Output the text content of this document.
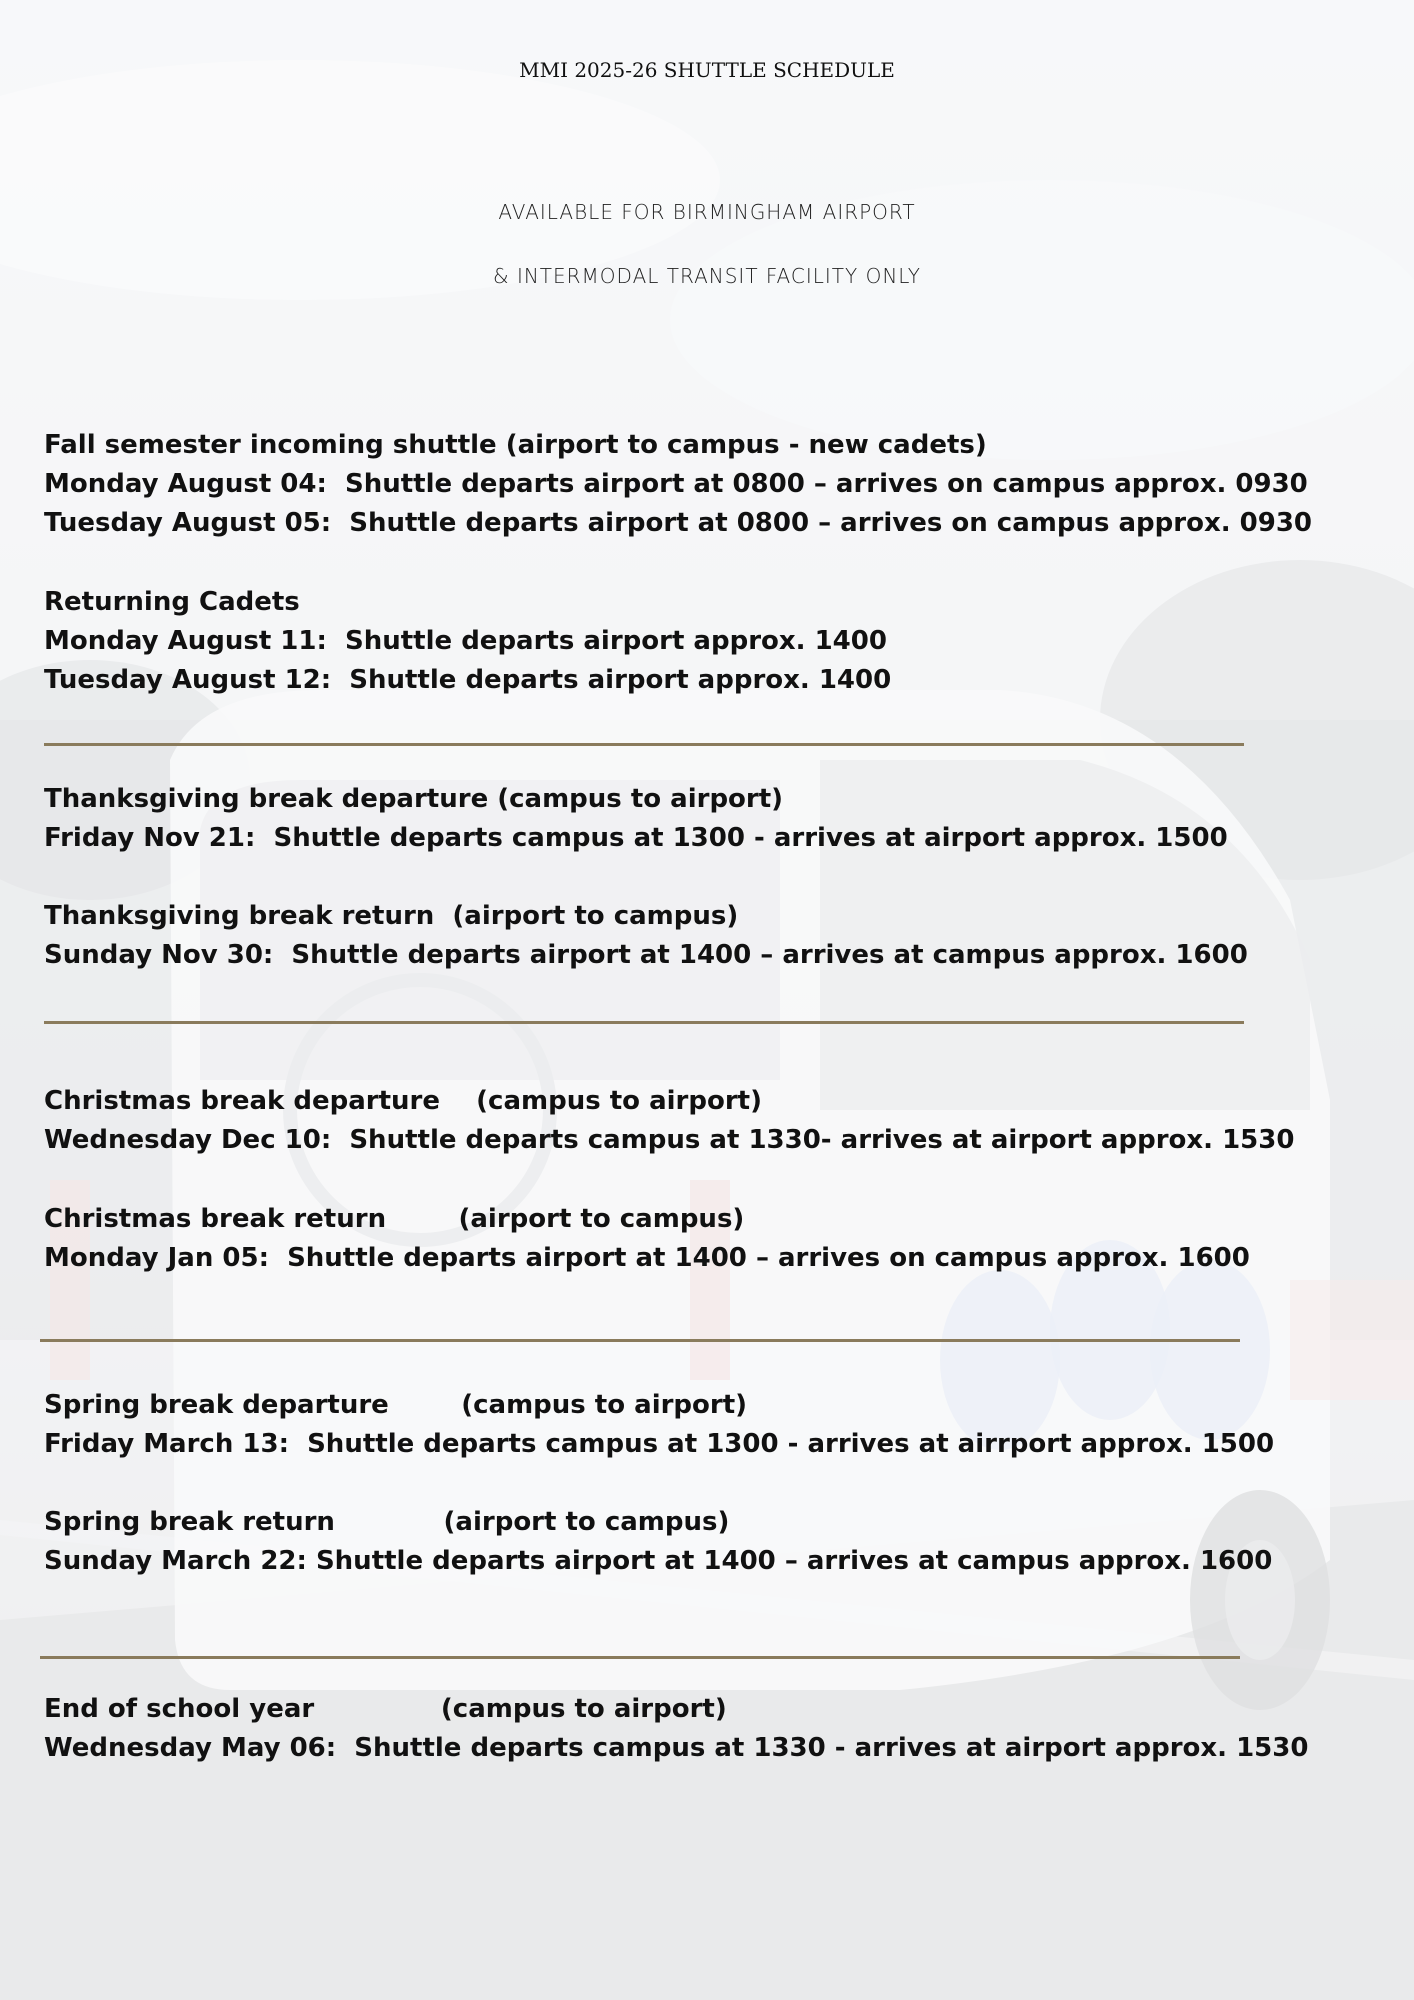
MMI 2025-26 SHUTTLE SCHEDULE
AVAILABLE FOR BIRMINGHAM AIRPORT
& INTERMODAL TRANSIT FACILITY ONLY
Fall semester incoming shuttle (airport to campus - new cadets)
Monday August 04:  Shuttle departs airport at 0800 – arrives on campus approx. 0930
Tuesday August 05:  Shuttle departs airport at 0800 – arrives on campus approx. 0930
Returning Cadets
Monday August 11:  Shuttle departs airport approx. 1400
Tuesday August 12:  Shuttle departs airport approx. 1400
Thanksgiving break departure (campus to airport)
Friday Nov 21:  Shuttle departs campus at 1300 - arrives at airport approx. 1500
Thanksgiving break return  (airport to campus)
Sunday Nov 30:  Shuttle departs airport at 1400 – arrives at campus approx. 1600
Christmas break departure    (campus to airport)
Wednesday Dec 10:  Shuttle departs campus at 1330- arrives at airport approx. 1530
Christmas break return        (airport to campus)
Monday Jan 05:  Shuttle departs airport at 1400 – arrives on campus approx. 1600
Spring break departure        (campus to airport)
Friday March 13:  Shuttle departs campus at 1300 - arrives at airrport approx. 1500
Spring break return            (airport to campus)
Sunday March 22: Shuttle departs airport at 1400 – arrives at campus approx. 1600
End of school year              (campus to airport)
Wednesday May 06:  Shuttle departs campus at 1330 - arrives at airport approx. 1530
